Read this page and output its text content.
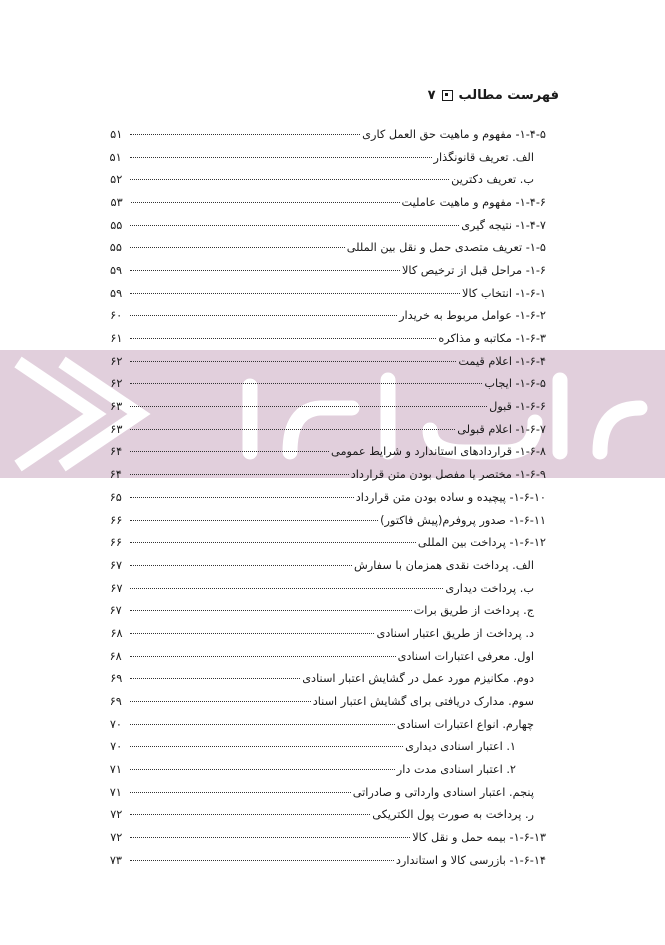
فهرست مطالب
۷
۱-۴-۵- مفهوم و ماهیت حق العمل کاری
۵۱
الف. تعریف قانونگذار
۵۱
ب. تعریف دکترین
۵۲
۱-۴-۶- مفهوم و ماهیت عاملیت
۵۳
۱-۴-۷- نتیجه گیری
۵۵
۱-۵- تعریف متصدی حمل و نقل بین المللی
۵۵
۱-۶- مراحل قبل از ترخیص کالا
۵۹
۱-۶-۱- انتخاب کالا
۵۹
۱-۶-۲- عوامل مربوط به خریدار
۶۰
۱-۶-۳- مکاتبه و مذاکره
۶۱
۱-۶-۴- اعلام قیمت
۶۲
۱-۶-۵- ایجاب
۶۲
۱-۶-۶- قبول
۶۳
۱-۶-۷- اعلام قبولی
۶۳
۱-۶-۸- قراردادهای استاندارد و شرایط عمومی
۶۴
۱-۶-۹- مختصر یا مفصل بودن متن قرارداد
۶۴
۱-۶-۱۰- پیچیده و ساده بودن متن قرارداد
۶۵
۱-۶-۱۱- صدور پروفرم(پیش فاکتور)
۶۶
۱-۶-۱۲- پرداخت بین المللی
۶۶
الف. پرداخت نقدی همزمان با سفارش
۶۷
ب. پرداخت دیداری
۶۷
ج. پرداخت از طریق برات
۶۷
د. پرداخت از طریق اعتبار اسنادی
۶۸
اول. معرفی اعتبارات اسنادی
۶۸
دوم. مکانیزم مورد عمل در گشایش اعتبار اسنادی
۶۹
سوم. مدارک دریافتی برای گشایش اعتبار اسناد
۶۹
چهارم. انواع اعتبارات اسنادی
۷۰
۱. اعتبار اسنادی دیداری
۷۰
۲. اعتبار اسنادی مدت دار
۷۱
پنجم. اعتبار اسنادی وارداتی و صادراتی
۷۱
ر. پرداخت به صورت پول الکتریکی
۷۲
۱-۶-۱۳- بیمه حمل و نقل کالا
۷۲
۱-۶-۱۴- بازرسی کالا و استاندارد
۷۳
